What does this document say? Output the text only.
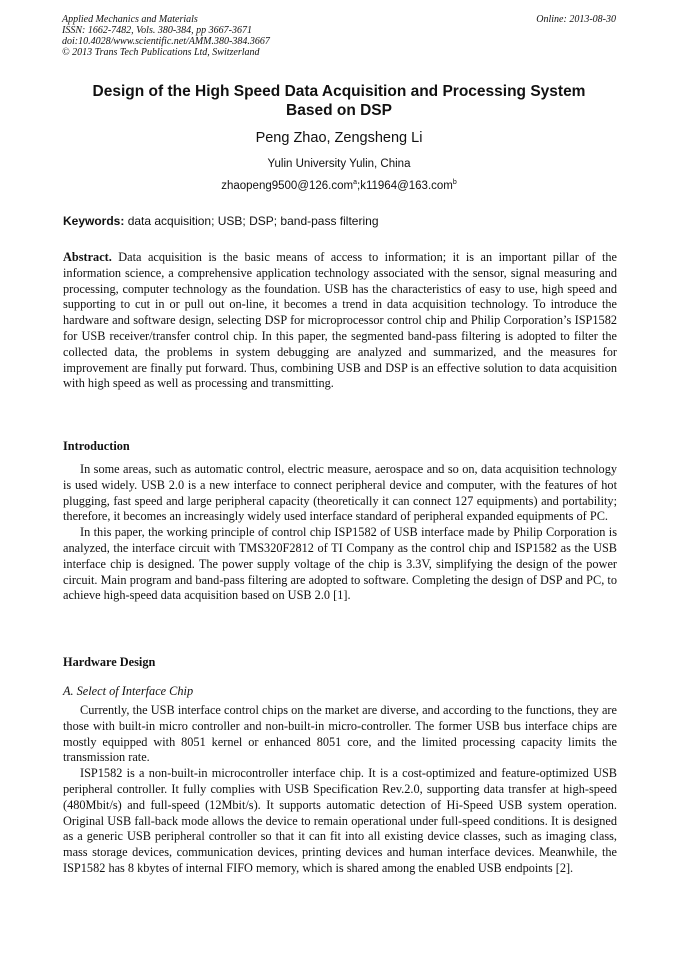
Applied Mechanics and Materials
ISSN: 1662-7482, Vols. 380-384, pp 3667-3671
doi:10.4028/www.scientific.net/AMM.380-384.3667
© 2013 Trans Tech Publications Ltd, Switzerland
Online: 2013-08-30
Design of the High Speed Data Acquisition and Processing System
Based on DSP
Peng Zhao, Zengsheng Li
Yulin University Yulin, China
zhaopeng9500@126.com$^a$;k11964@163.com$^b$
Keywords: data acquisition; USB; DSP; band-pass filtering
Abstract. Data acquisition is the basic means of access to information; it is an important pillar of the information science, a comprehensive application technology associated with the sensor, signal measuring and processing, computer technology as the foundation. USB has the characteristics of easy to use, high speed and supporting to cut in or pull out on-line, it becomes a trend in data acquisition technology. To introduce the hardware and software design, selecting DSP for microprocessor control chip and Philip Corporation’s ISP1582 for USB receiver/transfer control chip. In this paper, the segmented band-pass filtering is adopted to filter the collected data, the problems in system debugging are analyzed and summarized, and the measures for improvement are finally put forward. Thus, combining USB and DSP is an effective solution to data acquisition with high speed as well as processing and transmitting.
Introduction

In some areas, such as automatic control, electric measure, aerospace and so on, data acquisition technology is used widely. USB 2.0 is a new interface to connect peripheral device and computer, with the features of hot plugging, fast speed and large peripheral capacity (theoretically it can connect 127 equipments) and portability; therefore, it becomes an increasingly widely used interface standard of peripheral expanded equipments of PC.

In this paper, the working principle of control chip ISP1582 of USB interface made by Philip Corporation is analyzed, the interface circuit with TMS320F2812 of TI Company as the control chip and ISP1582 as the USB interface chip is designed. The power supply voltage of the chip is 3.3V, simplifying the design of the power circuit. Main program and band-pass filtering are adopted to software. Completing the design of DSP and PC, to achieve high-speed data acquisition based on USB 2.0 [1].

Hardware Design
A. Select of Interface Chip

Currently, the USB interface control chips on the market are diverse, and according to the functions, they are those with built-in micro controller and non-built-in micro-controller. The former USB bus interface chips are mostly equipped with 8051 kernel or enhanced 8051 core, and the limited processing capacity limits the transmission rate.

ISP1582 is a non-built-in microcontroller interface chip. It is a cost-optimized and feature-optimized USB peripheral controller. It fully complies with USB Specification Rev.2.0, supporting data transfer at high-speed (480Mbit/s) and full-speed (12Mbit/s). It supports automatic detection of Hi-Speed USB system operation. Original USB fall-back mode allows the device to remain operational under full-speed conditions. It is designed as a generic USB peripheral controller so that it can fit into all existing device classes, such as imaging class, mass storage devices, communication devices, printing devices and human interface devices. Meanwhile, the ISP1582 has 8 kbytes of internal FIFO memory, which is shared among the enabled USB endpoints [2].
